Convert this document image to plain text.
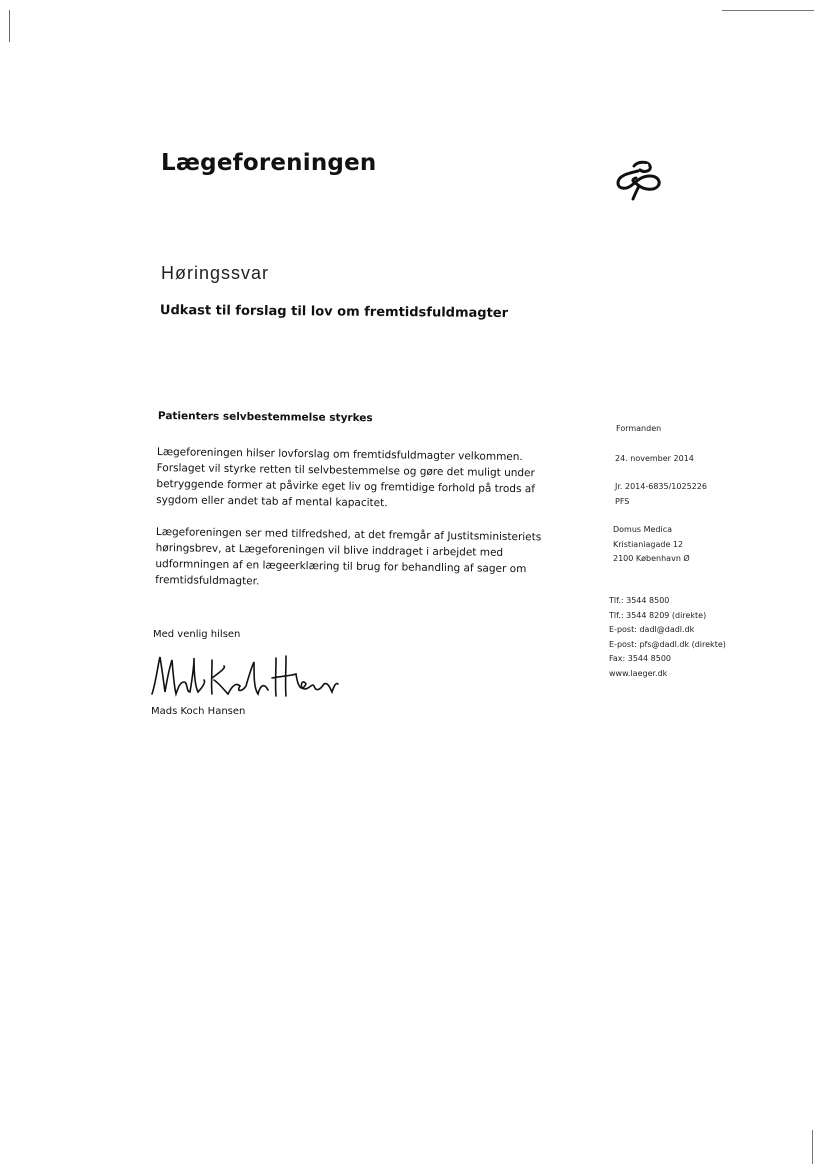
Lægeforeningen
Høringssvar
Udkast til forslag til lov om fremtidsfuldmagter
Patienters selvbestemmelse styrkes
Lægeforeningen hilser lovforslag om fremtidsfuldmagter velkommen.
Forslaget vil styrke retten til selvbestemmelse og gøre det muligt under
betryggende former at påvirke eget liv og fremtidige forhold på trods af
sygdom eller andet tab af mental kapacitet.
Lægeforeningen ser med tilfredshed, at det fremgår af Justitsministeriets
høringsbrev, at Lægeforeningen vil blive inddraget i arbejdet med
udformningen af en lægeerklæring til brug for behandling af sager om
fremtidsfuldmagter.
Med venlig hilsen
Mads Koch Hansen
Formanden
24. november 2014
Jr. 2014-6835/1025226
PFS
Domus Medica
Kristianiagade 12
2100 København Ø
Tlf.: 3544 8500
Tlf.: 3544 8209 (direkte)
E-post: dadl@dadl.dk
E-post: pfs@dadl.dk (direkte)
Fax: 3544 8500
www.laeger.dk
